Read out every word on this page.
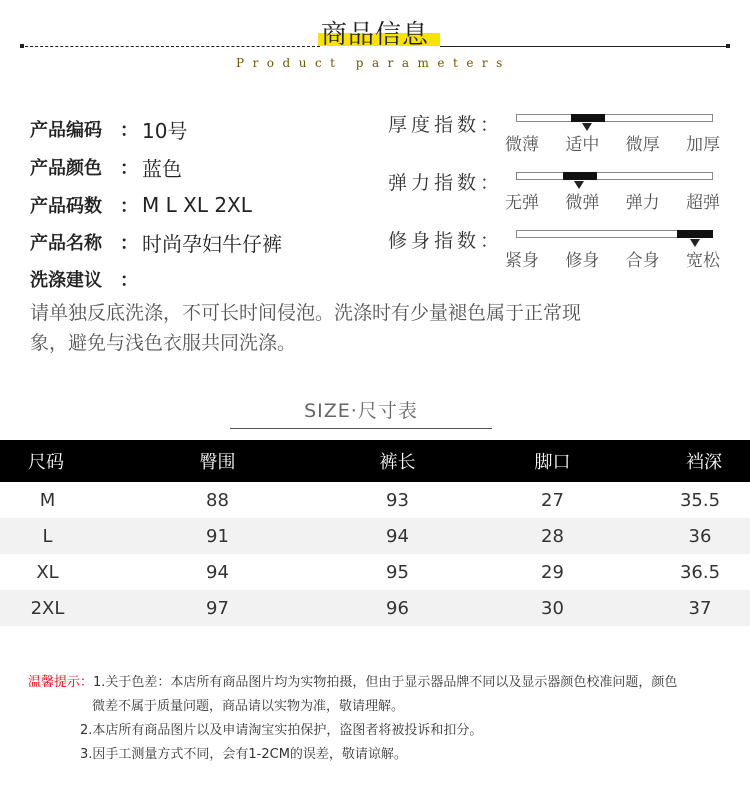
商品信息
Product parameters
产品编码	： 10号
产品颜色	： 蓝色
产品码数	： M L XL 2XL
产品名称	： 时尚孕妇牛仔裤
洗涤建议	：
请单独反底洗涤，不可长时间侵泡。洗涤时有少量褪色属于正常现象，避免与浅色衣服共同洗涤。
厚度指数：
微薄 适中 微厚 加厚
弹力指数：
无弹 微弹 弹力 超弹
修身指数：
紧身 修身 合身 宽松
SIZE·尺寸表
尺码	臀围	裤长	脚口	裆深
M	88	93	27	35.5
L	91	94	28	36
XL	94	95	29	36.5
2XL	97	96	30	37
温馨提示：1.关于色差：本店所有商品图片均为实物拍摄，但由于显示器品牌不同以及显示器颜色校准问题，颜色
微差不属于质量问题，商品请以实物为准，敬请理解。
2.本店所有商品图片以及申请淘宝实拍保护，盗图者将被投诉和扣分。
3.因手工测量方式不同，会有1-2CM的误差，敬请谅解。
